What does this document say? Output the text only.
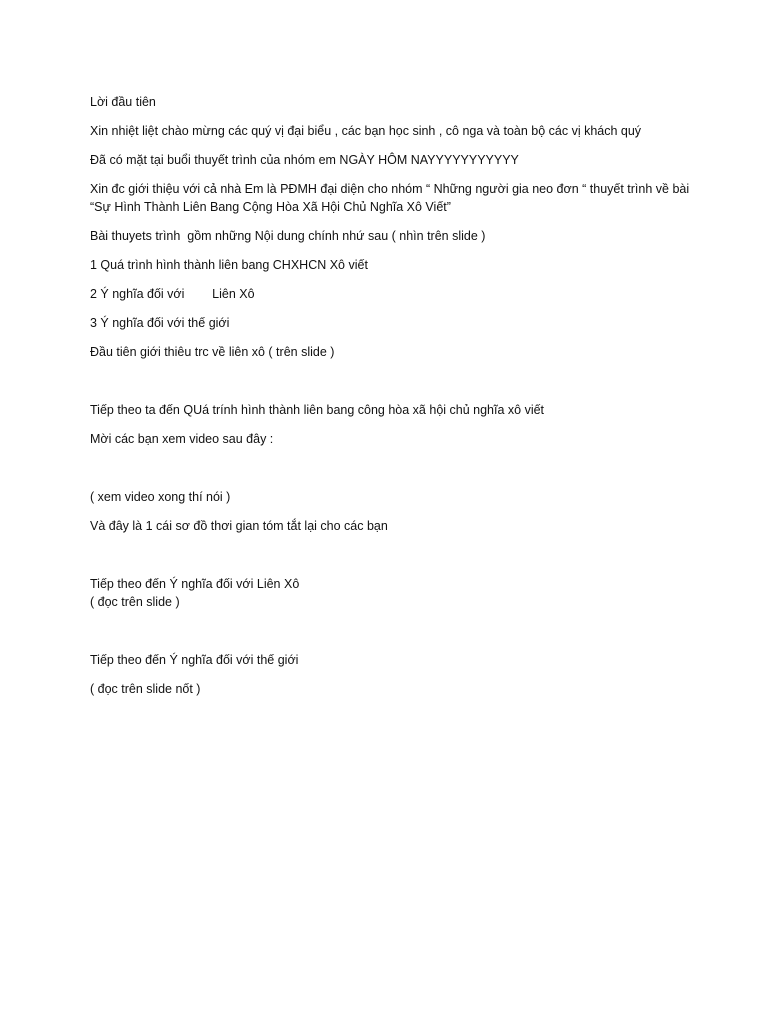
Lời đầu tiên

Xin nhiệt liệt chào mừng các quý vị đại biểu , các bạn học sinh , cô nga và toàn bộ các vị khách quý

Đã có mặt tại buổi thuyết trình của nhóm em NGÀY HÔM NAYYYYYYYYYYY

Xin đc giới thiệu với cả nhà Em là PĐMH đại diện cho nhóm “ Những người gia neo đơn “ thuyết trình về bài “Sự Hình Thành Liên Bang Cộng Hòa Xã Hội Chủ Nghĩa Xô Viết”

Bài thuyets trình  gồm những Nội dung chính nhứ sau ( nhìn trên slide )

1 Quá trình hình thành liên bang CHXHCN Xô viết

2 Ý nghĩa đối với        Liên Xô

3 Ý nghĩa đối với thế giới

Đầu tiên giới thiêu trc về liên xô ( trên slide )

Tiếp theo ta đến QUá trính hình thành liên bang công hòa xã hội chủ nghĩa xô viết

Mời các bạn xem video sau đây :

( xem video xong thí nói )

Và đây là 1 cái sơ đồ thơi gian tóm tắt lại cho các bạn

Tiếp theo đến Ý nghĩa đối với Liên Xô

( đọc trên slide )

Tiếp theo đến Ý nghĩa đối với thế giới

( đọc trên slide nốt )
